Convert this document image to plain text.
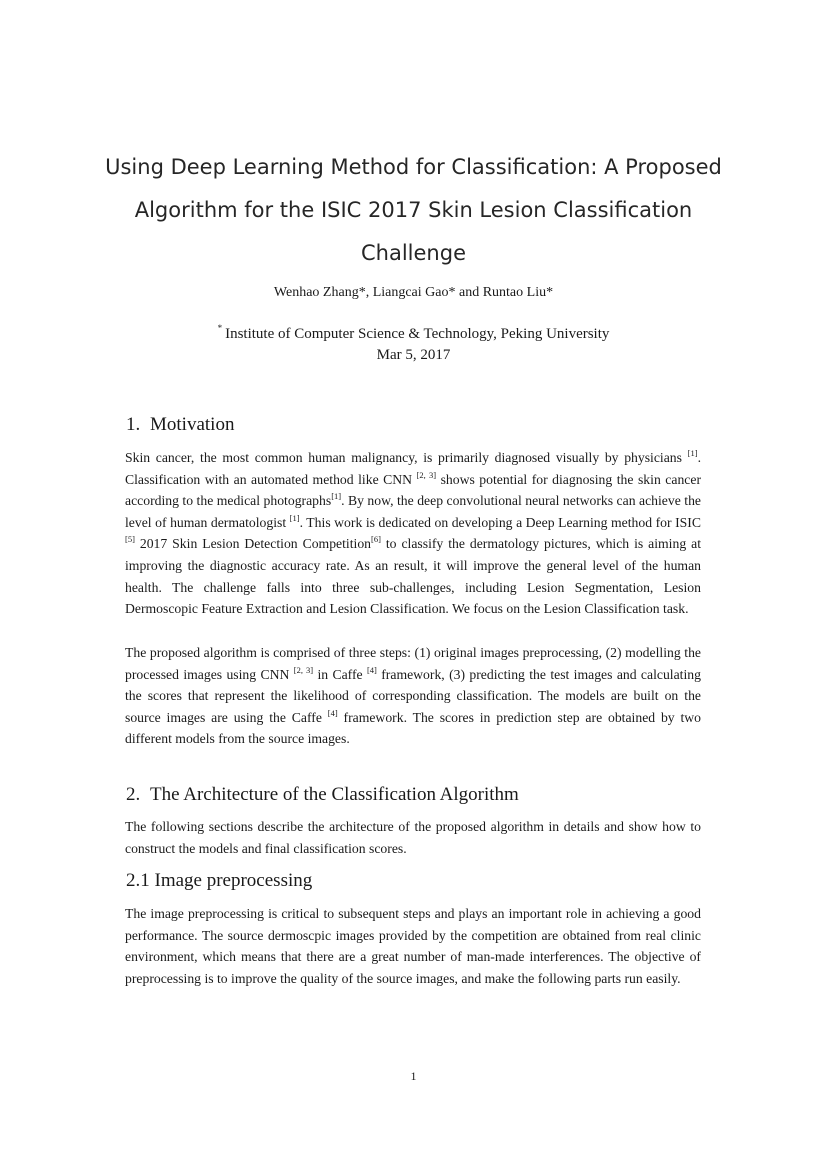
Using Deep Learning Method for Classification: A Proposed
Algorithm for the ISIC 2017 Skin Lesion Classification
Challenge
Wenhao Zhang*, Liangcai Gao* and Runtao Liu*
* Institute of Computer Science & Technology, Peking University
Mar 5, 2017
1. Motivation

Skin cancer, the most common human malignancy, is primarily diagnosed visually by physicians [1]. Classification with an automated method like CNN [2, 3] shows potential for diagnosing the skin cancer according to the medical photographs[1]. By now, the deep convolutional neural networks can achieve the level of human dermatologist [1]. This work is dedicated on developing a Deep Learning method for ISIC [5] 2017 Skin Lesion Detection Competition[6] to classify the dermatology pictures, which is aiming at improving the diagnostic accuracy rate. As an result, it will improve the general level of the human health. The challenge falls into three sub-challenges, including Lesion Segmentation, Lesion Dermoscopic Feature Extraction and Lesion Classification. We focus on the Lesion Classification task.

The proposed algorithm is comprised of three steps: (1) original images preprocessing, (2) modelling the processed images using CNN [2, 3] in Caffe [4] framework, (3) predicting the test images and calculating the scores that represent the likelihood of corresponding classification. The models are built on the source images are using the Caffe [4] framework. The scores in prediction step are obtained by two different models from the source images.

2. The Architecture of the Classification Algorithm

The following sections describe the architecture of the proposed algorithm in details and show how to construct the models and final classification scores.

2.1 Image preprocessing

The image preprocessing is critical to subsequent steps and plays an important role in achieving a good performance. The source dermoscpic images provided by the competition are obtained from real clinic environment, which means that there are a great number of man-made interferences. The objective of preprocessing is to improve the quality of the source images, and make the following parts run easily.

1
